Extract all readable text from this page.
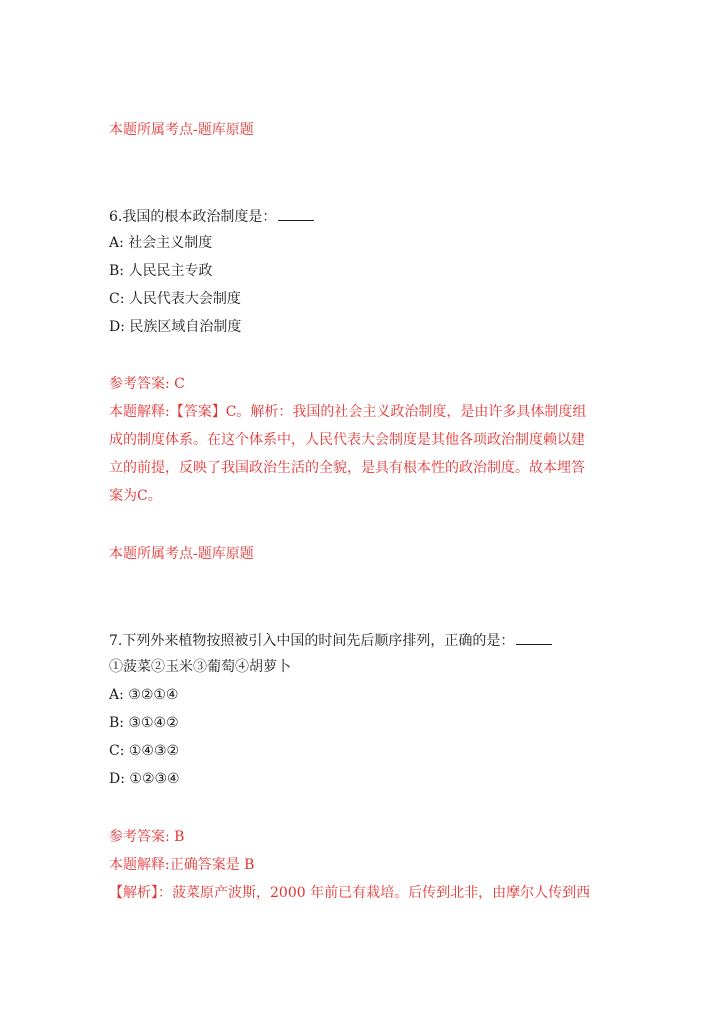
本题所属考点-题库原题
6.我国的根本政治制度是：
A: 社会主义制度
B: 人民民主专政
C: 人民代表大会制度
D: 民族区域自治制度
参考答案: C
本题解释:【答案】C。解析：我国的社会主义政治制度，是由许多具体制度组
成的制度体系。在这个体系中，人民代表大会制度是其他各项政治制度赖以建
立的前提，反映了我国政治生活的全貌，是具有根本性的政治制度。故本埋答
案为C。
本题所属考点-题库原题
7.下列外来植物按照被引入中国的时间先后顺序排列，正确的是：
①菠菜②玉米③葡萄④胡萝卜
A: ③②①④
B: ③①④②
C: ①④③②
D: ①②③④
参考答案: B
本题解释:正确答案是 B
【解析】：菠菜原产波斯，2000 年前已有栽培。后传到北非，由摩尔人传到西
